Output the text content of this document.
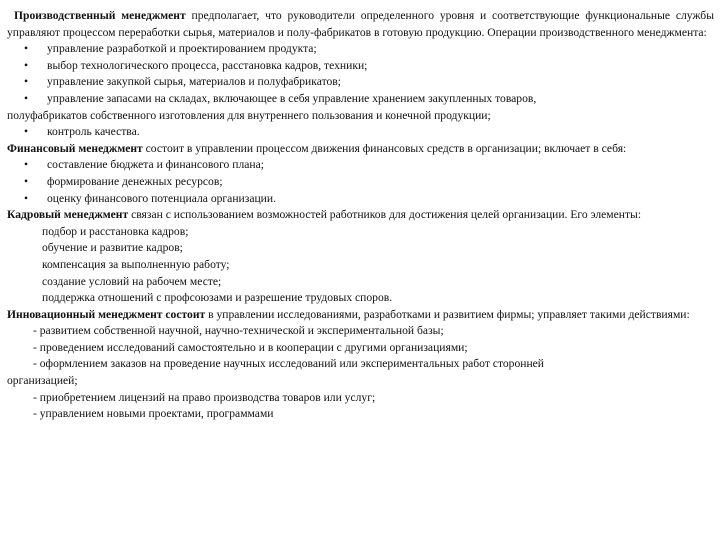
Производственный менеджмент предполагает, что руководители определенного уровня и соответствующие функциональные службы управляют процессом переработки сырья, материалов и полу-фабрикатов в готовую продукцию. Операции производственного менеджмента:

•	управление разработкой и проектированием продукта;
•	выбор технологического процесса, расстановка кадров, техники;
•	управление закупкой сырья, материалов и полуфабрикатов;
•	управление запасами на складах, включающее в себя управление хранением закупленных товаров,
полуфабрикатов собственного изготовления для внутреннего пользования и конечной продукции;
•	контроль качества.

Финансовый менеджмент состоит в управлении процессом движения финансовых средств в организации; включает в себя:

•	составление бюджета и финансового плана;
•	формирование денежных ресурсов;
•	оценку финансового потенциала организации.

Кадровый менеджмент связан с использованием возможностей работников для достижения целей организации. Его элементы:

подбор и расстановка кадров;
обучение и развитие кадров;
компенсация за выполненную работу;
создание условий на рабочем месте;
поддержка отношений с профсоюзами и разрешение трудовых споров.

Инновационный менеджмент состоит в управлении исследованиями, разработками и развитием фирмы; управляет такими действиями:

- развитием собственной научной, научно-технической и экспериментальной базы;
- проведением исследований самостоятельно и в кооперации с другими организациями;
- оформлением заказов на проведение научных исследований или экспериментальных работ сторонней
организацией;
- приобретением лицензий на право производства товаров или услуг;
- управлением новыми проектами, программами
